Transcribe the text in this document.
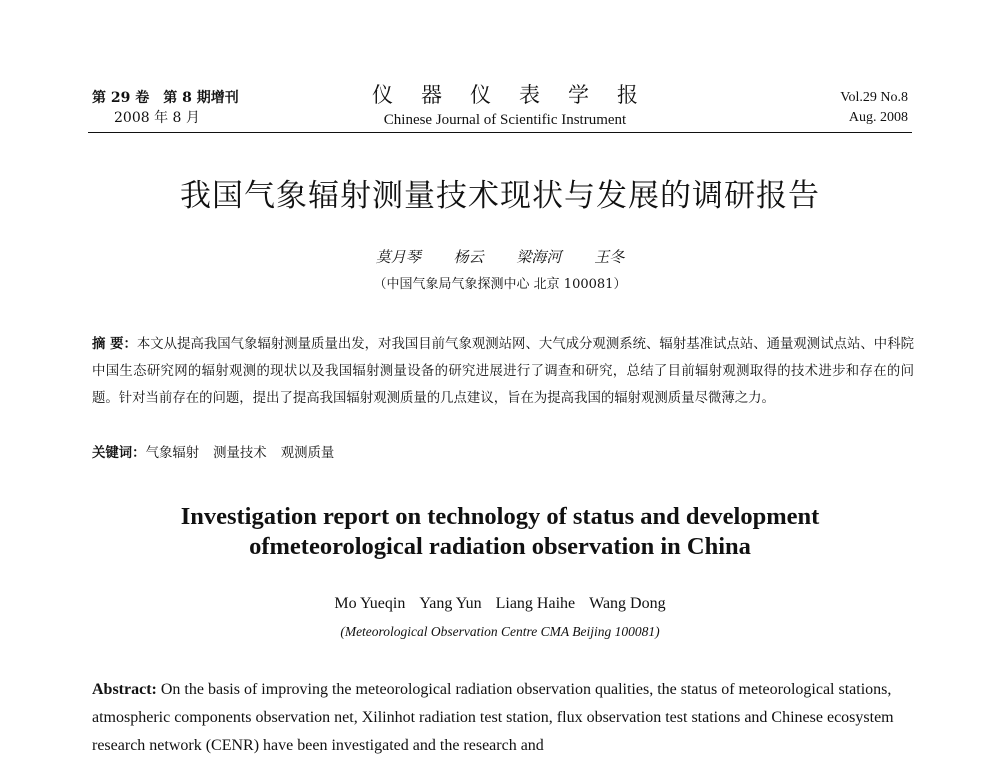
第 29 卷　第 8 期增刊
2008 年 8 月
仪器仪表学报
Chinese Journal of Scientific Instrument
Vol.29 No.8
Aug. 2008
我国气象辐射测量技术现状与发展的调研报告
莫月琴 杨云 梁海河 王冬
（中国气象局气象探测中心 北京 100081）
摘 要：本文从提高我国气象辐射测量质量出发，对我国目前气象观测站网、大气成分观测系统、辐射基准试点站、通量观测试点站、中科院中国生态研究网的辐射观测的现状以及我国辐射测量设备的研究进展进行了调查和研究，总结了目前辐射观测取得的技术进步和存在的问题。针对当前存在的问题，提出了提高我国辐射观测质量的几点建议，旨在为提高我国的辐射观测质量尽微薄之力。
关键词：气象辐射 测量技术 观测质量
Investigation report on technology of status and development
ofmeteorological radiation observation in China
Mo Yueqin Yang Yun Liang Haihe Wang Dong
(Meteorological Observation Centre CMA Beijing 100081)
Abstract: On the basis of improving the meteorological radiation observation qualities, the status of meteorological stations, atmospheric components observation net, Xilinhot radiation test station, flux observation test stations and Chinese ecosystem research network (CENR) have been investigated and the research and
